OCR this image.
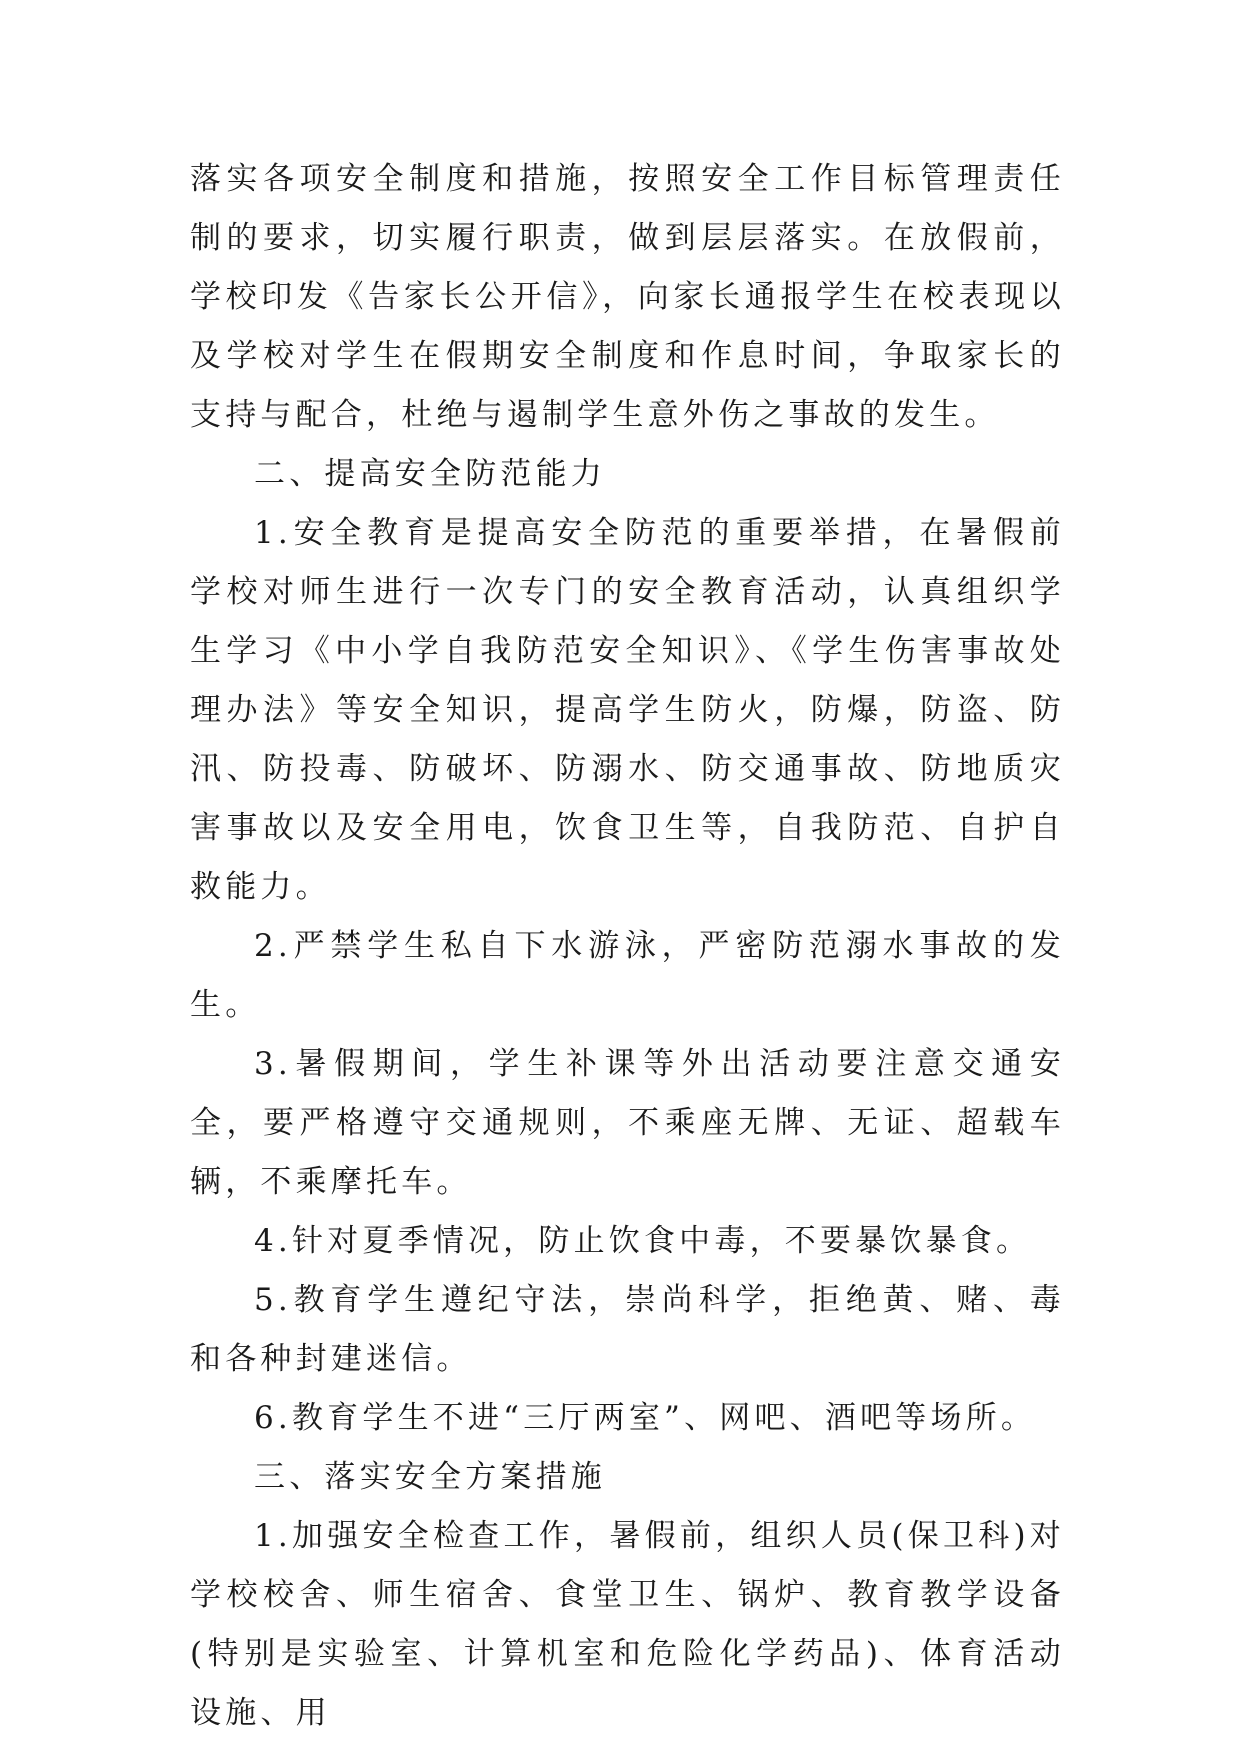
落实各项安全制度和措施，按照安全工作目标管理责任制的要求，切实履行职责，做到层层落实。在放假前，学校印发《告家长公开信》，向家长通报学生在校表现以及学校对学生在假期安全制度和作息时间，争取家长的支持与配合，杜绝与遏制学生意外伤之事故的发生。

二、提高安全防范能力

1.安全教育是提高安全防范的重要举措，在暑假前学校对师生进行一次专门的安全教育活动，认真组织学生学习《中小学自我防范安全知识》、《学生伤害事故处理办法》等安全知识，提高学生防火，防爆，防盗、防汛、防投毒、防破坏、防溺水、防交通事故、防地质灾害事故以及安全用电，饮食卫生等，自我防范、自护自救能力。

2.严禁学生私自下水游泳，严密防范溺水事故的发生。

3.暑假期间，学生补课等外出活动要注意交通安全，要严格遵守交通规则，不乘座无牌、无证、超载车辆，不乘摩托车。

4.针对夏季情况，防止饮食中毒，不要暴饮暴食。

5.教育学生遵纪守法，崇尚科学，拒绝黄、赌、毒和各种封建迷信。

6.教育学生不进“三厅两室”、网吧、酒吧等场所。

三、落实安全方案措施

1.加强安全检查工作，暑假前，组织人员(保卫科)对学校校舍、师生宿舍、食堂卫生、锅炉、教育教学设备(特别是实验室、计算机室和危险化学药品)、体育活动设施、用
